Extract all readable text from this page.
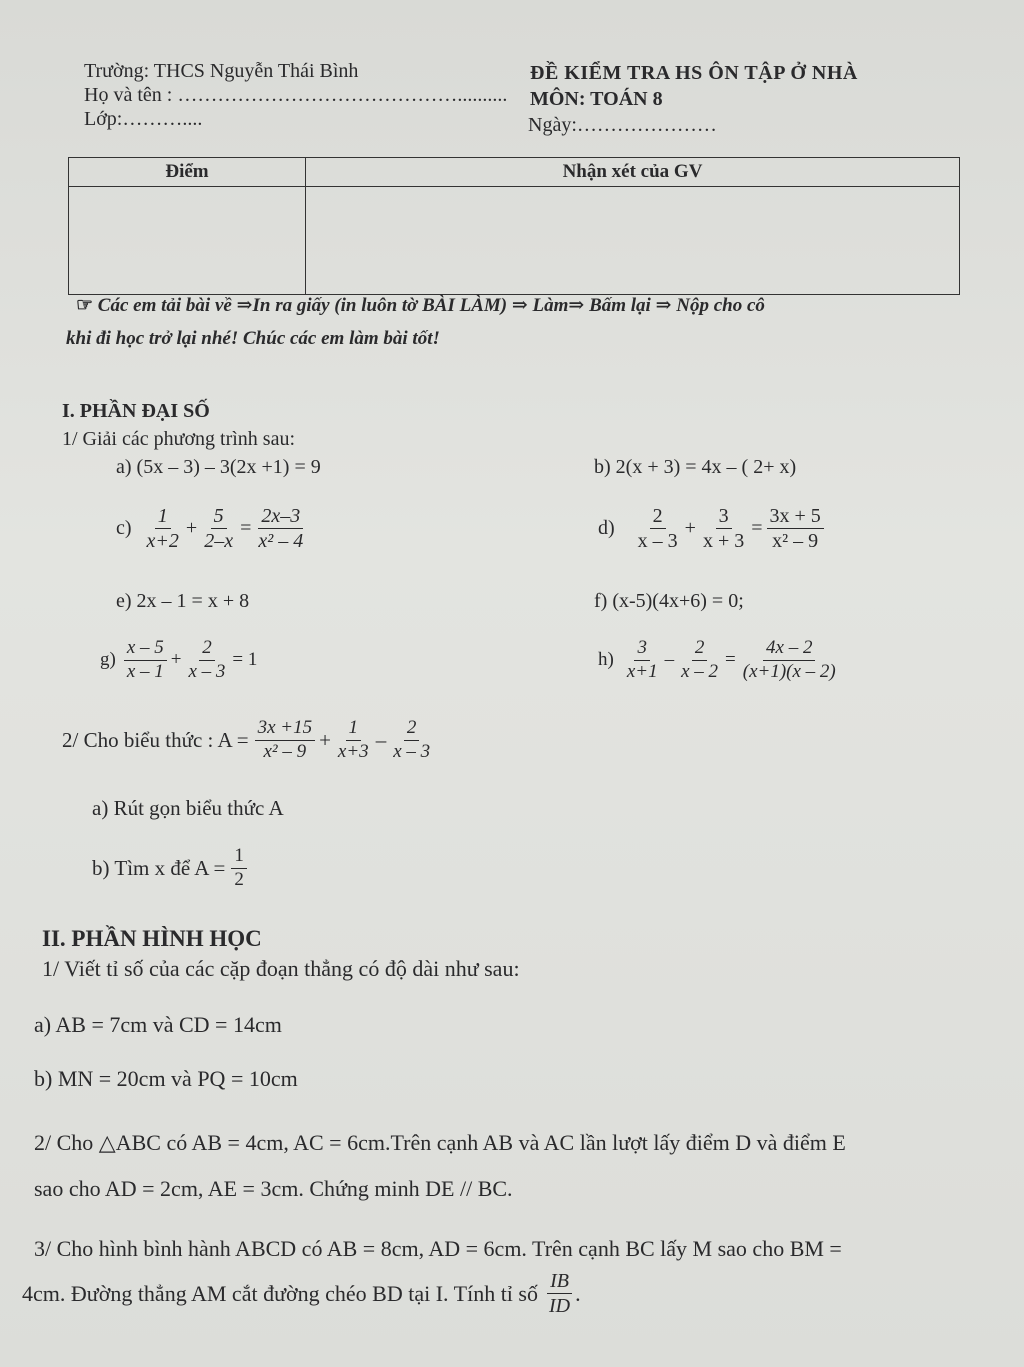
Trường: THCS Nguyễn Thái Bình
Họ và tên : ……………………………………..........
Lớp:………....
ĐỀ KIỂM TRA HS ÔN TẬP Ở NHÀ
MÔN: TOÁN 8
Ngày:…………………
Điểm	Nhận xét của GV

☞ Các em tải bài về ⇒In ra giấy (in luôn tờ BÀI LÀM) ⇒ Làm⇒ Bấm lại ⇒ Nộp cho cô
khi đi học trở lại nhé! Chúc các em làm bài tốt!
I. PHẦN ĐẠI SỐ
1/ Giải các phương trình sau:
a) (5x – 3) – 3(2x +1) = 9	b) 2(x + 3) = 4x – ( 2+ x)
$c) \frac{1}{x+2} + \frac{5}{2-x} = \frac{2x-3}{\text{x² – 4}}$	$d) \frac{2}{x - 3} + \frac{3}{x + 3} = \frac{3x + 5}{\text{x² – 9}}$
e) 2x – 1 = x + 8	f) (x-5)(4x+6) = 0;
$g) \frac{x - 5}{x - 1} + \frac{2}{x - 3} = 1$	$h) \frac{3}{x+1} - \frac{2}{x - 2} = \frac{4x - 2}{(x+1)(x - 2)}$
2/ Cho biểu thức : $A = \frac{3x +15}{\text{x² – 9}} + \frac{1}{x+3} - \frac{2}{x - 3}$
a) Rút gọn biểu thức A
b) Tìm x để $A = \frac{1}{2}$
II. PHẦN HÌNH HỌC
1/ Viết tỉ số của các cặp đoạn thẳng có độ dài như sau:
a) AB = 7cm và CD = 14cm
b) MN = 20cm và PQ = 10cm
2/ Cho △ABC có AB = 4cm, AC = 6cm.Trên cạnh AB và AC lần lượt lấy điểm D và điểm E
sao cho AD = 2cm, AE = 3cm. Chứng minh DE // BC.
3/ Cho hình bình hành ABCD có AB = 8cm, AD = 6cm. Trên cạnh BC lấy M sao cho BM =
4cm. Đường thẳng AM cắt đường chéo BD tại I. Tính tỉ số $\frac{IB}{ID}$ .
